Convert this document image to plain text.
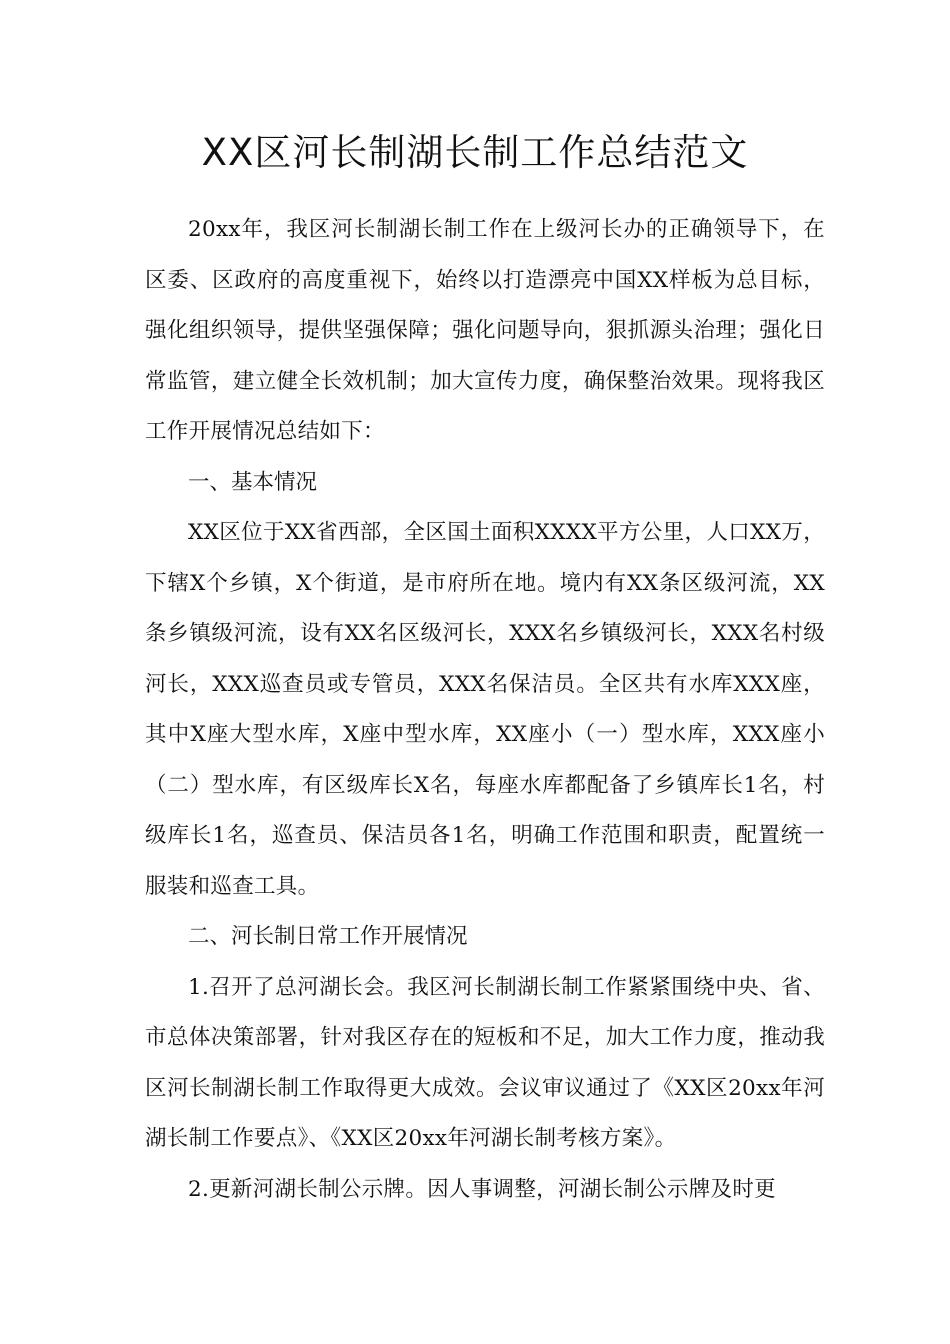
XX区河长制湖长制工作总结范文

20xx年，我区河长制湖长制工作在上级河长办的正确领导下，在区委、区政府的高度重视下，始终以打造漂亮中国XX样板为总目标，强化组织领导，提供坚强保障；强化问题导向，狠抓源头治理；强化日常监管，建立健全长效机制；加大宣传力度，确保整治效果。现将我区工作开展情况总结如下：

一、基本情况

XX区位于XX省西部，全区国土面积XXXX平方公里，人口XX万，下辖X个乡镇，X个街道，是市府所在地。境内有XX条区级河流，XX条乡镇级河流，设有XX名区级河长，XXX名乡镇级河长，XXX名村级河长，XXX巡查员或专管员，XXX名保洁员。全区共有水库XXX座，其中X座大型水库，X座中型水库，XX座小（一）型水库，XXX座小（二）型水库，有区级库长X名，每座水库都配备了乡镇库长1名，村级库长1名，巡查员、保洁员各1名，明确工作范围和职责，配置统一服装和巡查工具。

二、河长制日常工作开展情况

1.召开了总河湖长会。我区河长制湖长制工作紧紧围绕中央、省、市总体决策部署，针对我区存在的短板和不足，加大工作力度，推动我区河长制湖长制工作取得更大成效。会议审议通过了《XX区20xx年河湖长制工作要点》、《XX区20xx年河湖长制考核方案》。

2.更新河湖长制公示牌。因人事调整，河湖长制公示牌及时更
